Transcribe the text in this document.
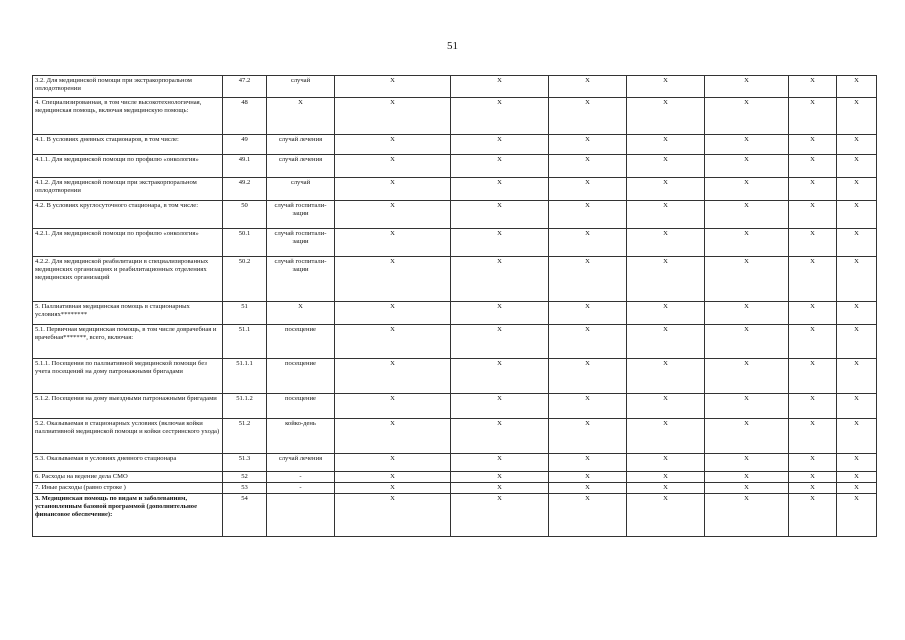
51
3.2. Для медицинской помощи при экстракорпоральном оплодотворении	47.2	случай	X	X	X	X	X	X	X
4. Специализированная, в том числе высокотехнологичная, медицинская помощь, включая медицинскую помощь:	48	X	X	X	X	X	X	X	X
4.1. В условиях дневных стационаров, в том числе:	49	случай лечения	X	X	X	X	X	X	X
4.1.1. Для медицинской помощи по профилю «онкология»	49.1	случай лечения	X	X	X	X	X	X	X
4.1.2. Для медицинской помощи при экстракорпоральном оплодотворении	49.2	случай	X	X	X	X	X	X	X
4.2. В условиях круглосуточного стационара, в том числе:	50	случай госпитали-зации	X	X	X	X	X	X	X
4.2.1. Для медицинской помощи по профилю «онкология»	50.1	случай госпитали-зации	X	X	X	X	X	X	X
4.2.2. Для медицинской реабилитации в специализированных медицинских организациях и реабилитационных отделениях медицинских организаций	50.2	случай госпитали-зации	X	X	X	X	X	X	X
5. Паллиативная медицинская помощь в стационарных условиях********	51	X	X	X	X	X	X	X	X
5.1. Первичная медицинская помощь, в том числе доврачебная и врачебная*******, всего, включая:	51.1	посещение	X	X	X	X	X	X	X
5.1.1. Посещения по паллиативной медицинской помощи без учета посещений на дому патронажными бригадами	51.1.1	посещение	X	X	X	X	X	X	X
5.1.2. Посещения на дому выездными патронажными бригадами	51.1.2	посещение	X	X	X	X	X	X	X
5.2. Оказываемая в стационарных условиях (включая койки паллиативной медицинской помощи и койки сестринского ухода)	51.2	койко-день	X	X	X	X	X	X	X
5.3. Оказываемая в условиях дневного стационара	51.3	случай лечения	X	X	X	X	X	X	X
6. Расходы на ведение дела СМО	52	-	X	X	X	X	X	X	X
7. Иные расходы (равно строке )	53	-	X	X	X	X	X	X	X
3. Медицинская помощь по видам и заболеваниям, установленным базовой программой (дополнительное финансовое обеспечение):	54		X	X	X	X	X	X	X
